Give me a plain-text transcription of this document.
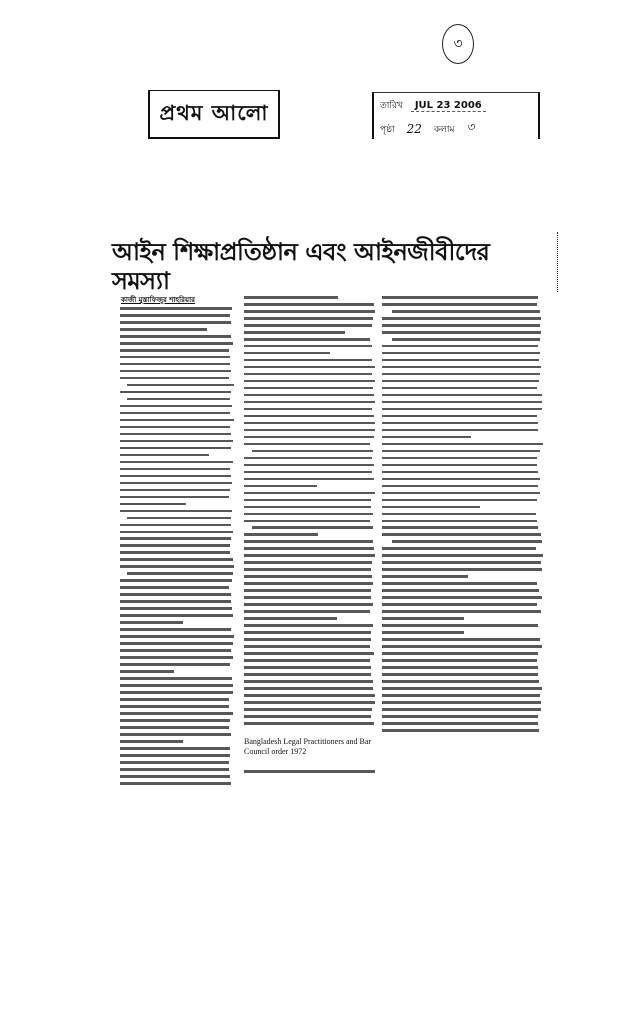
৩
প্রথম আলো	তারিখ	JUL 23 2006
পৃষ্ঠা 22 কলাম ৩
আইন শিক্ষাপ্রতিষ্ঠান এবং আইনজীবীদের সমস্যা
কাজী মুস্তাফিজুর শাহরিয়ার
Bangladesh Legal Practitioners and Bar Council order 1972
